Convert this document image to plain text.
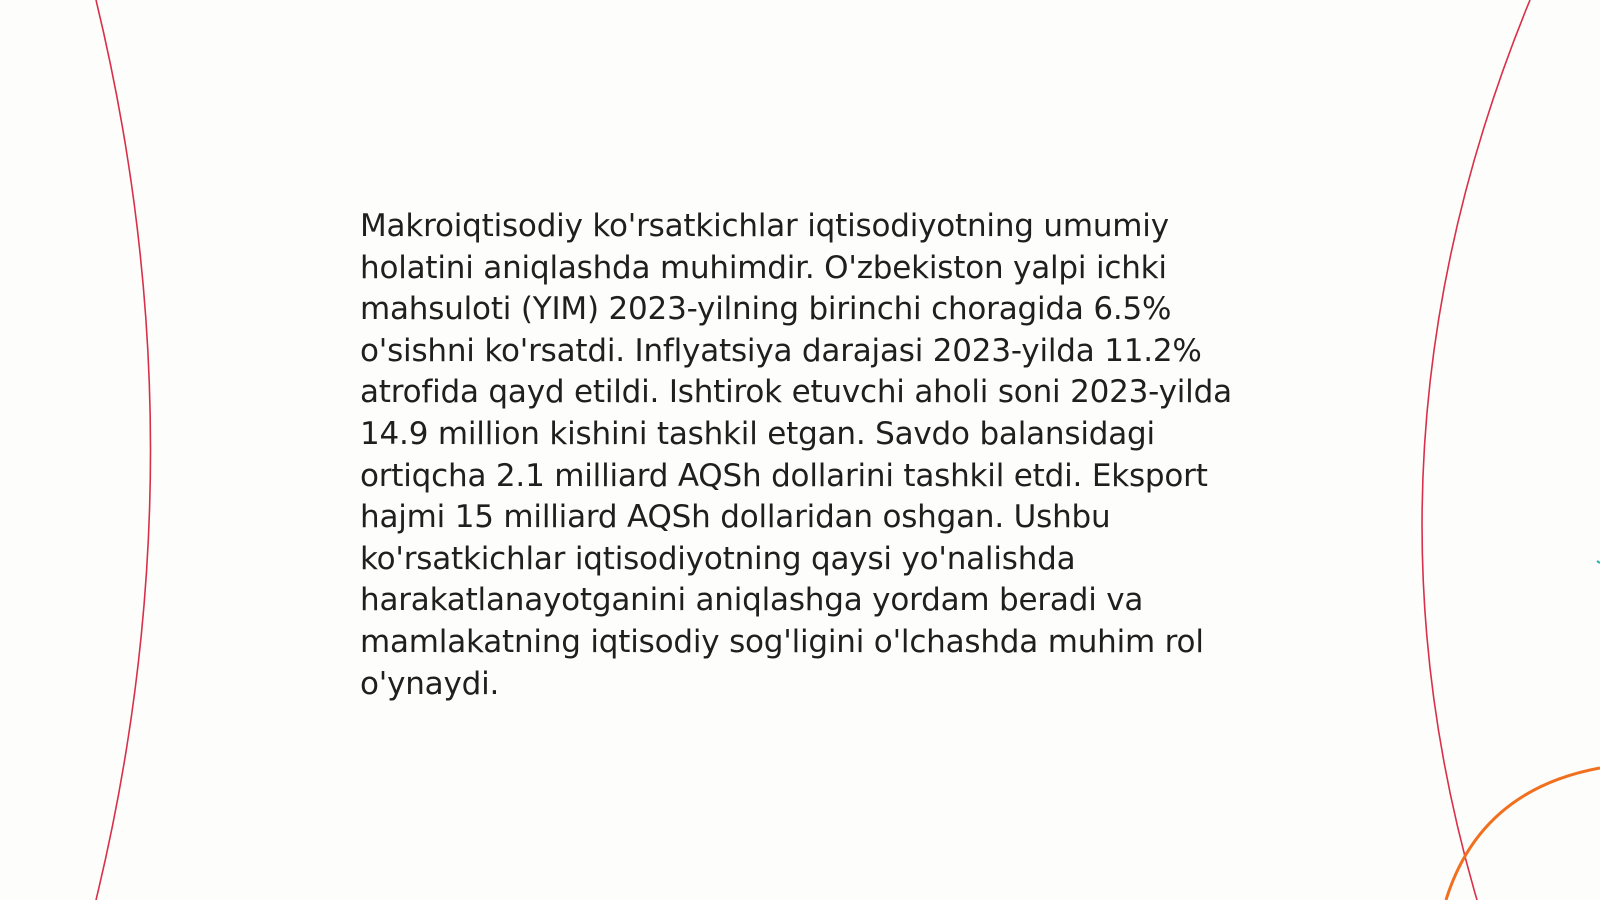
Makroiqtisodiy ko'rsatkichlar iqtisodiyotning umumiy holatini aniqlashda muhimdir. O'zbekiston yalpi ichki mahsuloti (YIM) 2023-yilning birinchi choragida 6.5% o'sishni ko'rsatdi. Inflyatsiya darajasi 2023-yilda 11.2% atrofida qayd etildi. Ishtirok etuvchi aholi soni 2023-yilda 14.9 million kishini tashkil etgan. Savdo balansidagi ortiqcha 2.1 milliard AQSh dollarini tashkil etdi. Eksport hajmi 15 milliard AQSh dollaridan oshgan. Ushbu ko'rsatkichlar iqtisodiyotning qaysi yo'nalishda harakatlanayotganini aniqlashga yordam beradi va mamlakatning iqtisodiy sog'ligini o'lchashda muhim rol o'ynaydi.
